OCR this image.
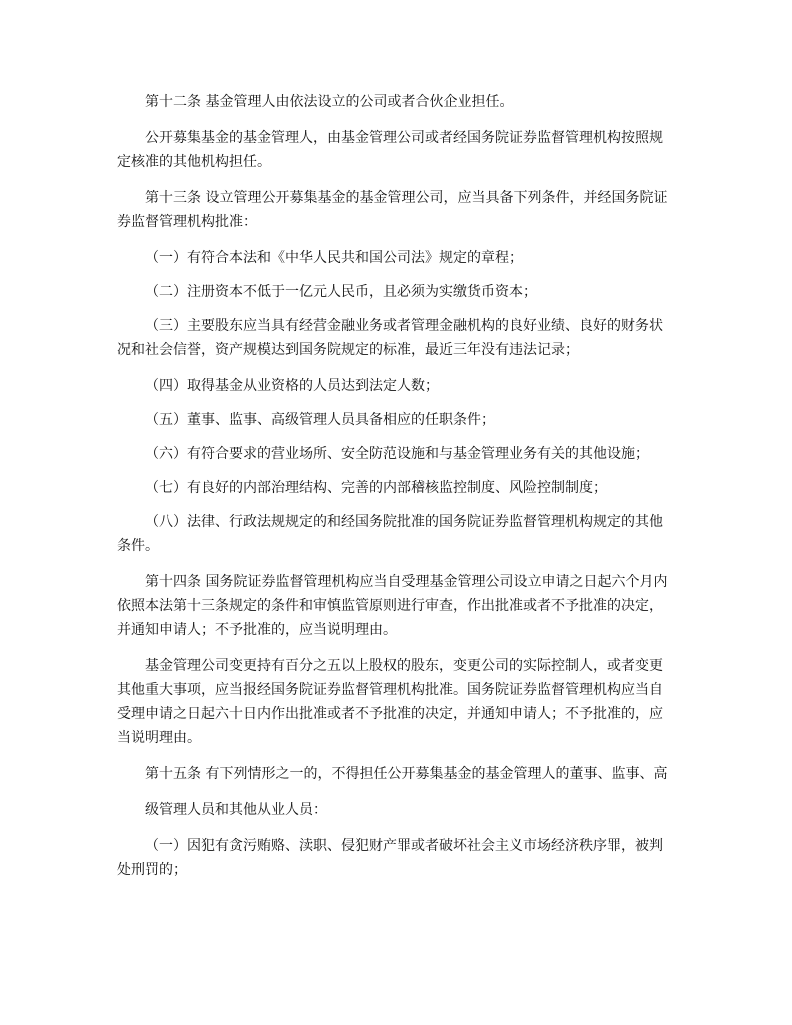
第十二条 基金管理人由依法设立的公司或者合伙企业担任。

公开募集基金的基金管理人，由基金管理公司或者经国务院证券监督管理机构按照规定核准的其他机构担任。

第十三条 设立管理公开募集基金的基金管理公司，应当具备下列条件，并经国务院证券监督管理机构批准：

（一）有符合本法和《中华人民共和国公司法》规定的章程；

（二）注册资本不低于一亿元人民币，且必须为实缴货币资本；

（三）主要股东应当具有经营金融业务或者管理金融机构的良好业绩、良好的财务状况和社会信誉，资产规模达到国务院规定的标准，最近三年没有违法记录；

（四）取得基金从业资格的人员达到法定人数；

（五）董事、监事、高级管理人员具备相应的任职条件；

（六）有符合要求的营业场所、安全防范设施和与基金管理业务有关的其他设施；

（七）有良好的内部治理结构、完善的内部稽核监控制度、风险控制制度；

（八）法律、行政法规规定的和经国务院批准的国务院证券监督管理机构规定的其他条件。

第十四条 国务院证券监督管理机构应当自受理基金管理公司设立申请之日起六个月内依照本法第十三条规定的条件和审慎监管原则进行审查，作出批准或者不予批准的决定，并通知申请人；不予批准的，应当说明理由。

基金管理公司变更持有百分之五以上股权的股东，变更公司的实际控制人，或者变更其他重大事项，应当报经国务院证券监督管理机构批准。国务院证券监督管理机构应当自受理申请之日起六十日内作出批准或者不予批准的决定，并通知申请人；不予批准的，应当说明理由。

第十五条 有下列情形之一的，不得担任公开募集基金的基金管理人的董事、监事、高

级管理人员和其他从业人员：

（一）因犯有贪污贿赂、渎职、侵犯财产罪或者破坏社会主义市场经济秩序罪，被判处刑罚的；
